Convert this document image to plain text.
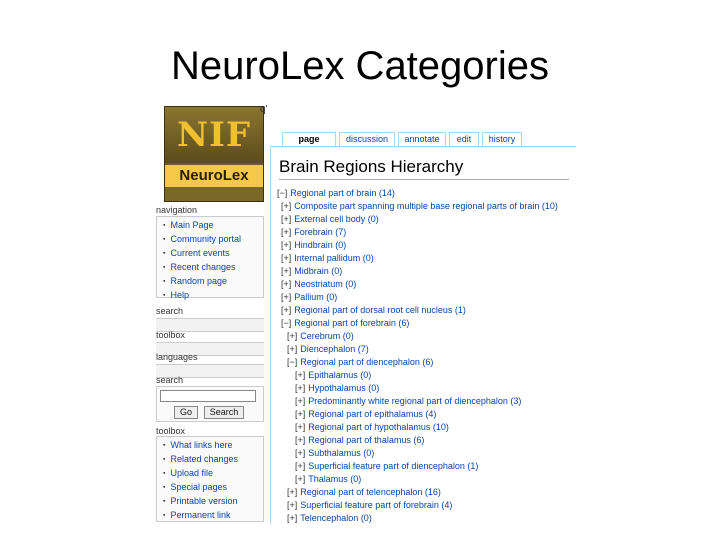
NeuroLex Categories
NIF
NeuroLex
q'
navigation
▪ Main Page
▪ Community portal
▪ Current events
▪ Recent changes
▪ Random page
▪ Help
search
toolbox
languages
search
Go	Search
toolbox
▪ What links here
▪ Related changes
▪ Upload file
▪ Special pages
▪ Printable version
▪ Permanent link
page	discussion	annotate	edit	history
Brain Regions Hierarchy
[−] Regional part of brain (14)
[+] Composite part spanning multiple base regional parts of brain (10)
[+] External cell body (0)
[+] Forebrain (7)
[+] Hindbrain (0)
[+] Internal pallidum (0)
[+] Midbrain (0)
[+] Neostriatum (0)
[+] Pallium (0)
[+] Regional part of dorsal root cell nucleus (1)
[−] Regional part of forebrain (6)
[+] Cerebrum (0)
[+] Diencephalon (7)
[−] Regional part of diencephalon (6)
[+] Epithalamus (0)
[+] Hypothalamus (0)
[+] Predominantly white regional part of diencephalon (3)
[+] Regional part of epithalamus (4)
[+] Regional part of hypothalamus (10)
[+] Regional part of thalamus (6)
[+] Subthalamus (0)
[+] Superficial feature part of diencephalon (1)
[+] Thalamus (0)
[+] Regional part of telencephalon (16)
[+] Superficial feature part of forebrain (4)
[+] Telencephalon (0)
